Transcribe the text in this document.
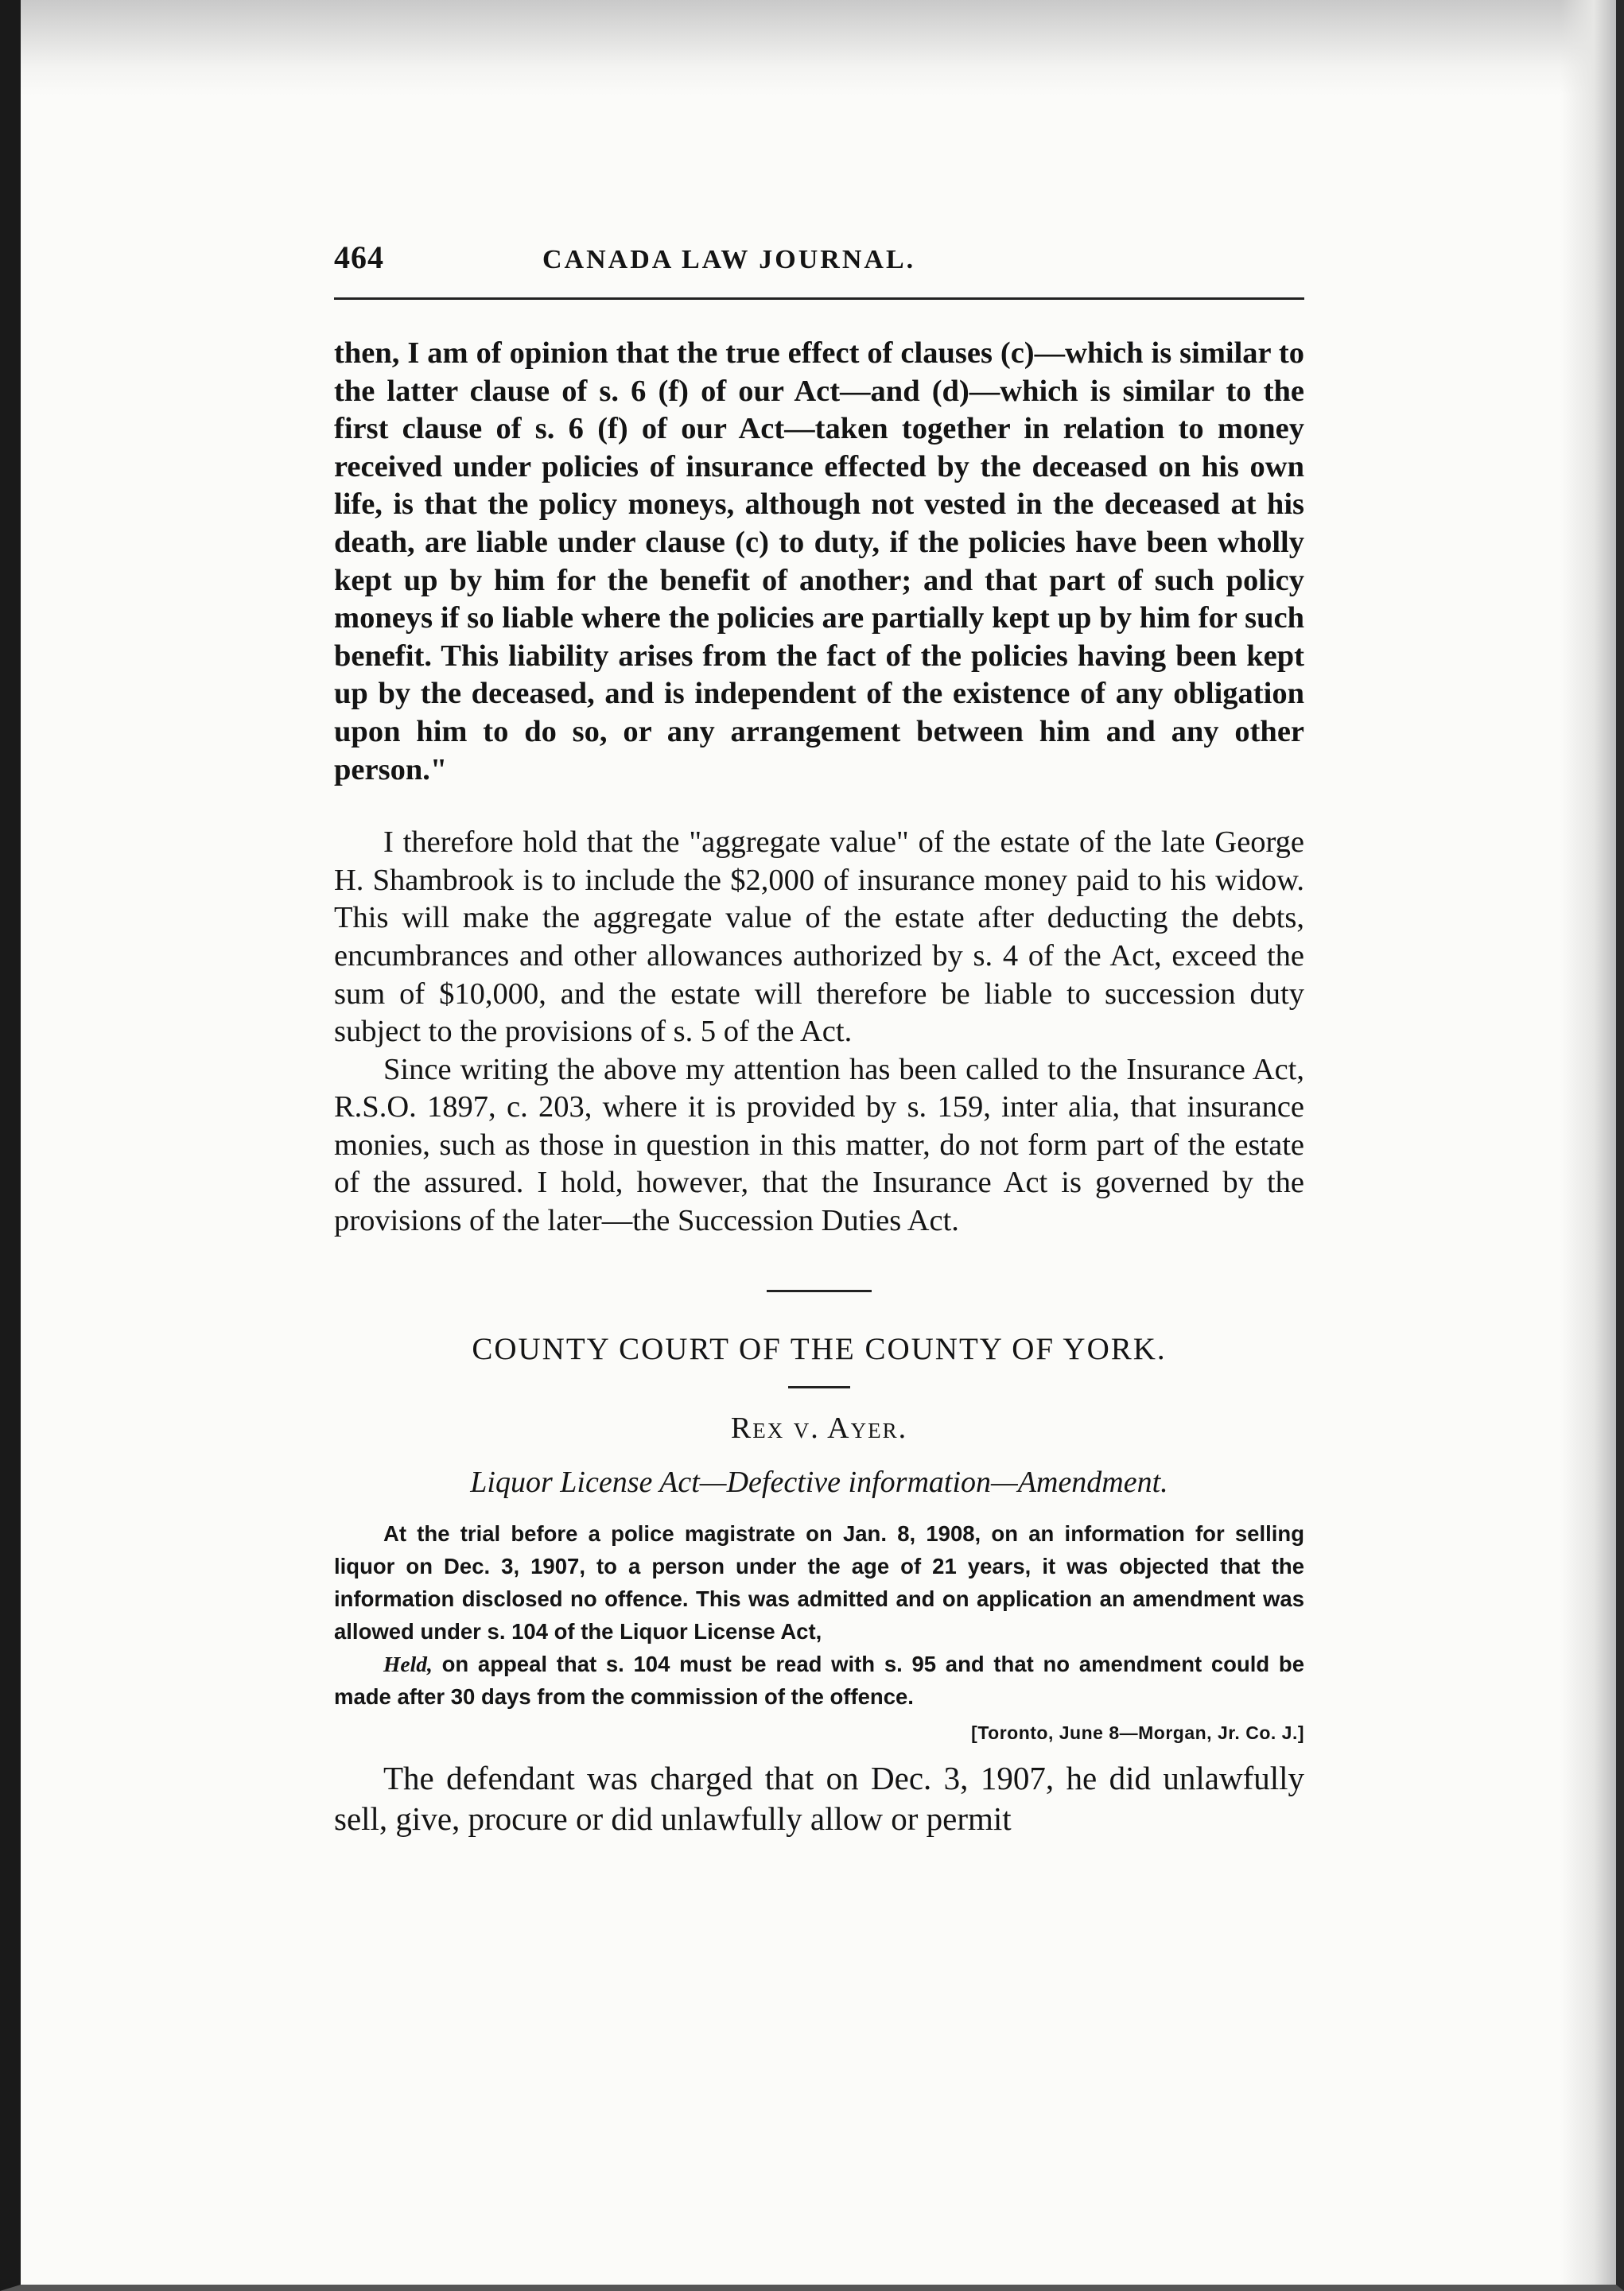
464	CANADA LAW JOURNAL.

then, I am of opinion that the true effect of clauses (c)—which is similar to the latter clause of s. 6 (f) of our Act—and (d)—which is similar to the first clause of s. 6 (f) of our Act—taken together in relation to money received under policies of insurance effected by the deceased on his own life, is that the policy moneys, although not vested in the deceased at his death, are liable under clause (c) to duty, if the policies have been wholly kept up by him for the benefit of another; and that part of such policy moneys if so liable where the policies are partially kept up by him for such benefit. This liability arises from the fact of the policies having been kept up by the deceased, and is independent of the existence of any obligation upon him to do so, or any arrangement between him and any other person."

I therefore hold that the "aggregate value" of the estate of the late George H. Shambrook is to include the $2,000 of insurance money paid to his widow. This will make the aggregate value of the estate after deducting the debts, encumbrances and other allowances authorized by s. 4 of the Act, exceed the sum of $10,000, and the estate will therefore be liable to succession duty subject to the provisions of s. 5 of the Act.

Since writing the above my attention has been called to the Insurance Act, R.S.O. 1897, c. 203, where it is provided by s. 159, inter alia, that insurance monies, such as those in question in this matter, do not form part of the estate of the assured. I hold, however, that the Insurance Act is governed by the provisions of the later—the Succession Duties Act.

COUNTY COURT OF THE COUNTY OF YORK.
Rex v. Ayer.
Liquor License Act—Defective information—Amendment.

At the trial before a police magistrate on Jan. 8, 1908, on an information for selling liquor on Dec. 3, 1907, to a person under the age of 21 years, it was objected that the information disclosed no offence. This was admitted and on application an amendment was allowed under s. 104 of the Liquor License Act,

Held, on appeal that s. 104 must be read with s. 95 and that no amendment could be made after 30 days from the commission of the offence.

[Toronto, June 8—Morgan, Jr. Co. J.]

The defendant was charged that on Dec. 3, 1907, he did unlawfully sell, give, procure or did unlawfully allow or permit
